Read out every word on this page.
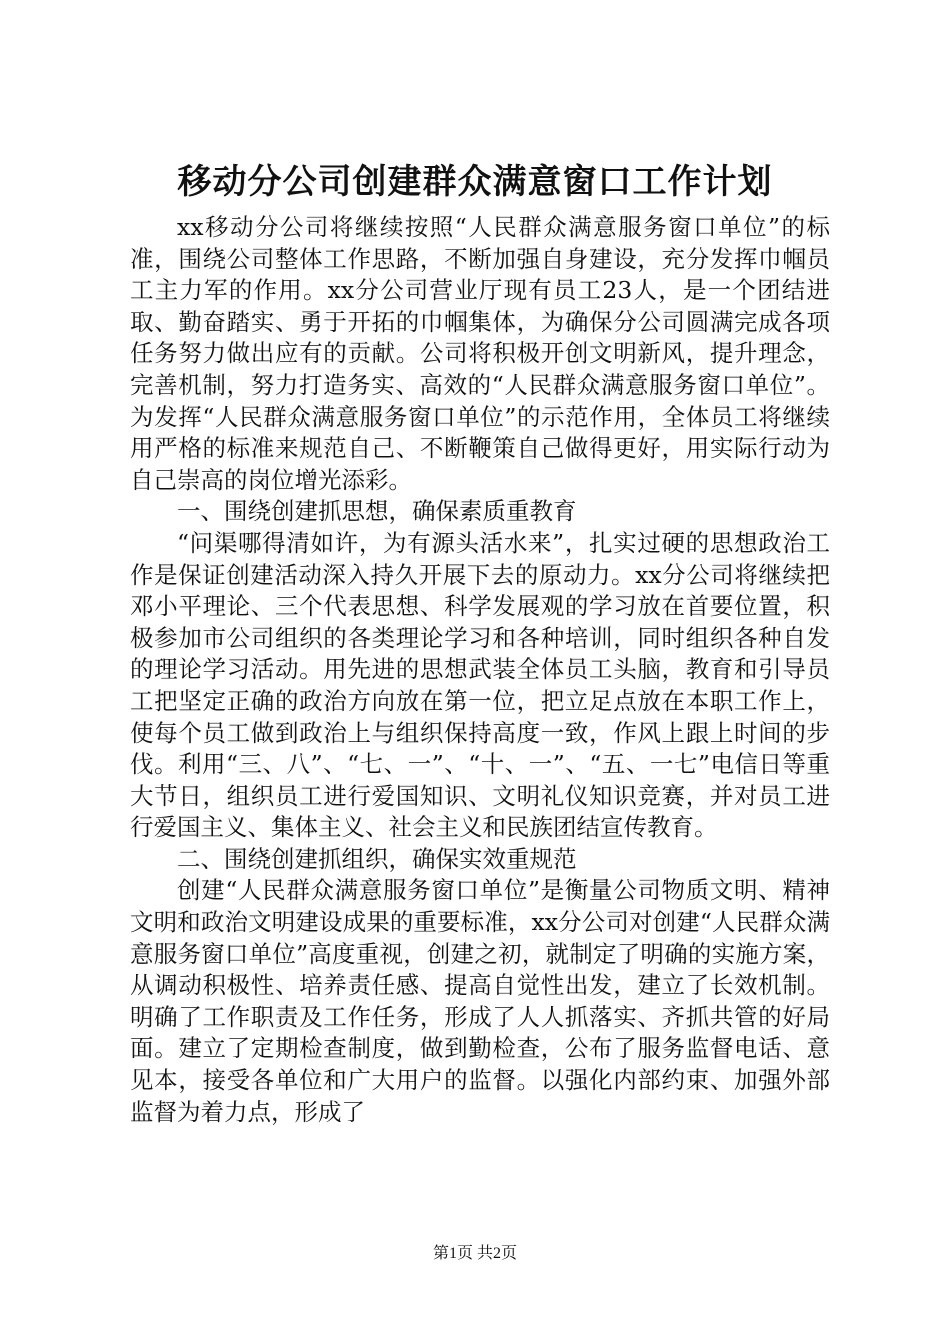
移动分公司创建群众满意窗口工作计划

xx移动分公司将继续按照“人民群众满意服务窗口单位”的标准，围绕公司整体工作思路，不断加强自身建设，充分发挥巾帼员工主力军的作用。xx分公司营业厅现有员工23人，是一个团结进取、勤奋踏实、勇于开拓的巾帼集体，为确保分公司圆满完成各项任务努力做出应有的贡献。公司将积极开创文明新风，提升理念，完善机制，努力打造务实、高效的“人民群众满意服务窗口单位”。为发挥“人民群众满意服务窗口单位”的示范作用，全体员工将继续用严格的标准来规范自己、不断鞭策自己做得更好，用实际行动为自己崇高的岗位增光添彩。

一、围绕创建抓思想，确保素质重教育

“问渠哪得清如许，为有源头活水来”，扎实过硬的思想政治工作是保证创建活动深入持久开展下去的原动力。xx分公司将继续把邓小平理论、三个代表思想、科学发展观的学习放在首要位置，积极参加市公司组织的各类理论学习和各种培训，同时组织各种自发的理论学习活动。用先进的思想武装全体员工头脑，教育和引导员工把坚定正确的政治方向放在第一位，把立足点放在本职工作上，使每个员工做到政治上与组织保持高度一致，作风上跟上时间的步伐。利用“三、八”、“七、一”、“十、一”、“五、一七”电信日等重大节日，组织员工进行爱国知识、文明礼仪知识竞赛，并对员工进行爱国主义、集体主义、社会主义和民族团结宣传教育。

二、围绕创建抓组织，确保实效重规范

创建“人民群众满意服务窗口单位”是衡量公司物质文明、精神文明和政治文明建设成果的重要标准，xx分公司对创建“人民群众满意服务窗口单位”高度重视，创建之初，就制定了明确的实施方案，从调动积极性、培养责任感、提高自觉性出发，建立了长效机制。明确了工作职责及工作任务，形成了人人抓落实、齐抓共管的好局面。建立了定期检查制度，做到勤检查，公布了服务监督电话、意见本，接受各单位和广大用户的监督。以强化内部约束、加强外部监督为着力点，形成了

第1页 共2页
